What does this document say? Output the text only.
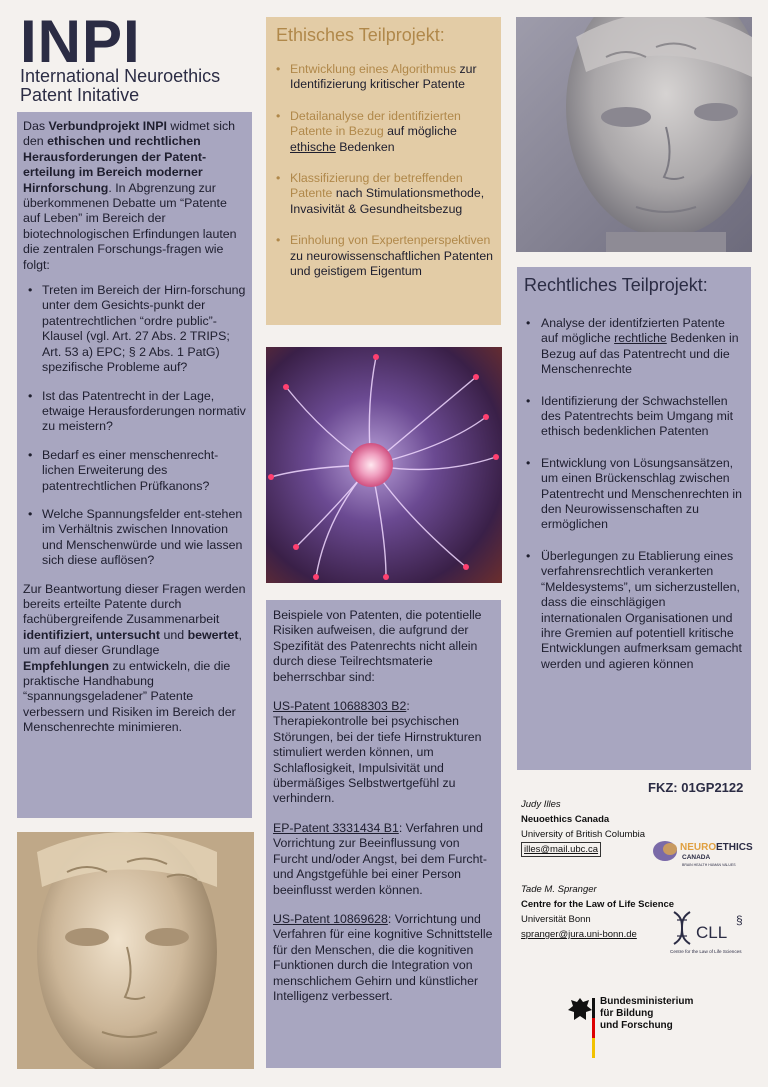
INPI
International Neuroethics Patent Initative

Das Verbundprojekt INPI widmet sich den ethischen und rechtlichen Herausforderungen der Patent-erteilung im Bereich moderner Hirnforschung. In Abgrenzung zur überkommenen Debatte um “Patente auf Leben” im Bereich der biotechnologischen Erfindungen lauten die zentralen Forschungs-fragen wie folgt:

• Treten im Bereich der Hirn-forschung unter dem Gesichts-punkt der patentrechtlichen “ordre public”-Klausel (vgl. Art. 27 Abs. 2 TRIPS; Art. 53 a) EPC; § 2 Abs. 1 PatG) spezifische Probleme auf?
• Ist das Patentrecht in der Lage, etwaige Herausforderungen normativ zu meistern?
• Bedarf es einer menschenrecht-lichen Erweiterung des patentrechtlichen Prüfkanons?
• Welche Spannungsfelder ent-stehen im Verhältnis zwischen Innovation und Menschenwürde und wie lassen sich diese auflösen?

Zur Beantwortung dieser Fragen werden bereits erteilte Patente durch fachübergreifende Zusammenarbeit identifiziert, untersucht und bewertet, um auf dieser Grundlage Empfehlungen zu entwickeln, die die praktische Handhabung “spannungsgeladener” Patente verbessern und Risiken im Bereich der Menschenrechte minimieren.

Ethisches Teilprojekt:
• Entwicklung eines Algorithmus zur Identifizierung kritischer Patente
• Detailanalyse der identifizierten Patente in Bezug auf mögliche ethische Bedenken
• Klassifizierung der betreffenden Patente nach Stimulationsmethode, Invasivität & Gesundheitsbezug
• Einholung von Expertenperspektiven zu neurowissenschaftlichen Patenten und geistigem Eigentum
Rechtliches Teilprojekt:
• Analyse der identifzierten Patente auf mögliche rechtliche Bedenken in Bezug auf das Patentrecht und die Menschenrechte
• Identifizierung der Schwachstellen des Patentrechts beim Umgang mit ethisch bedenklichen Patenten
• Entwicklung von Lösungsansätzen, um einen Brückenschlag zwischen Patentrecht und Menschenrechten in den Neurowissenschaften zu ermöglichen
• Überlegungen zu Etablierung eines verfahrensrechtlich verankerten “Meldesystems”, um sicherzustellen, dass die einschlägigen internationalen Organisationen und ihre Gremien auf potentiell kritische Entwicklungen aufmerksam gemacht werden und agieren können

Beispiele von Patenten, die potentielle Risiken aufweisen, die aufgrund der Spezifität des Patenrechts nicht allein durch diese Teilrechtsmaterie beherrschbar sind:

US-Patent 10688303 B2:
Therapiekontrolle bei psychischen Störungen, bei der tiefe Hirnstrukturen stimuliert werden können, um Schlaflosigkeit, Impulsivität und übermäßiges Selbstwertgefühl zu verhindern.

EP-Patent 3331434 B1: Verfahren und Vorrichtung zur Beeinflussung von Furcht und/oder Angst, bei dem Furcht- und Angstgefühle bei einer Person beeinflusst werden können.

US-Patent 10869628: Vorrichtung und Verfahren für eine kognitive Schnittstelle für den Menschen, die die kognitiven Funktionen durch die Integration von menschlichem Gehirn und künstlicher Intelligenz verbessert.

FKZ: 01GP2122
Judy Illes
Neuoethics Canada
University of British Columbia
illes@mail.ubc.ca	NEURO ETHICS
CANADA
BRAIN HEALTH HUMAN VALUES
Tade M. Spranger
Centre for the Law of Life Science
Universität Bonn
spranger@jura.uni-bonn.de	CLL
§
Centre for the Law of Life Sciences
Bundesministerium
für Bildung
und Forschung
